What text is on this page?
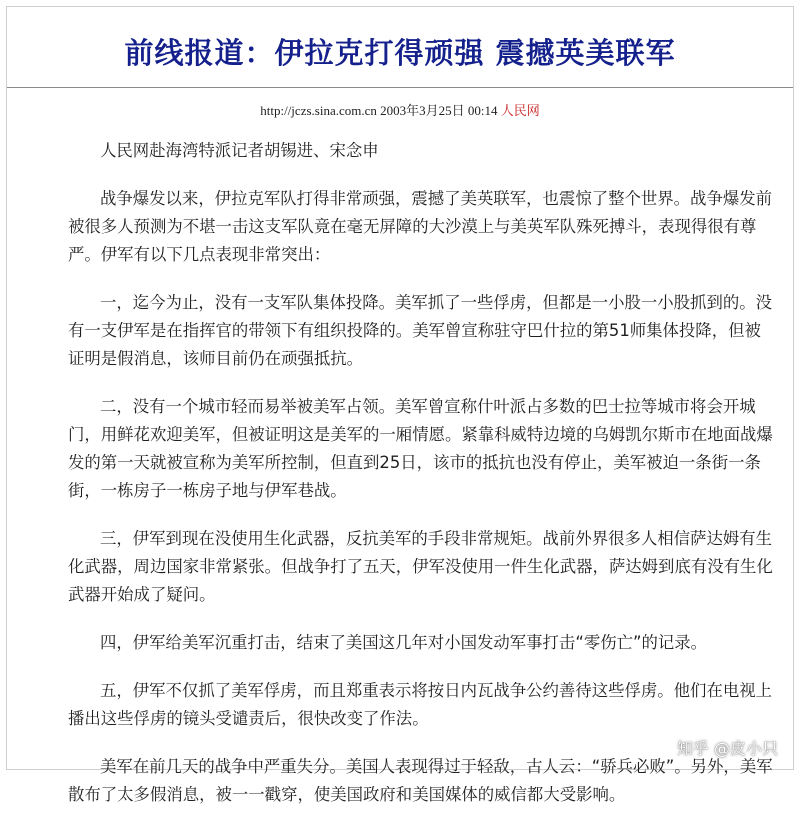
前线报道：伊拉克打得顽强 震撼英美联军
http://jczs.sina.com.cn 2003年3月25日 00:14 人民网

人民网赴海湾特派记者胡锡进、宋念申

战争爆发以来，伊拉克军队打得非常顽强，震撼了美英联军，也震惊了整个世界。战争爆发前被很多人预测为不堪一击这支军队竟在毫无屏障的大沙漠上与美英军队殊死搏斗，表现得很有尊严。伊军有以下几点表现非常突出：

一，迄今为止，没有一支军队集体投降。美军抓了一些俘虏，但都是一小股一小股抓到的。没有一支伊军是在指挥官的带领下有组织投降的。美军曾宣称驻守巴什拉的第51师集体投降，但被证明是假消息，该师目前仍在顽强抵抗。

二，没有一个城市轻而易举被美军占领。美军曾宣称什叶派占多数的巴士拉等城市将会开城门，用鲜花欢迎美军，但被证明这是美军的一厢情愿。紧靠科威特边境的乌姆凯尔斯市在地面战爆发的第一天就被宣称为美军所控制，但直到25日，该市的抵抗也没有停止，美军被迫一条街一条街，一栋房子一栋房子地与伊军巷战。

三，伊军到现在没使用生化武器，反抗美军的手段非常规矩。战前外界很多人相信萨达姆有生化武器，周边国家非常紧张。但战争打了五天，伊军没使用一件生化武器，萨达姆到底有没有生化武器开始成了疑问。

四，伊军给美军沉重打击，结束了美国这几年对小国发动军事打击“零伤亡”的记录。

五，伊军不仅抓了美军俘虏，而且郑重表示将按日内瓦战争公约善待这些俘虏。他们在电视上播出这些俘虏的镜头受谴责后，很快改变了作法。

美军在前几天的战争中严重失分。美国人表现得过于轻敌，古人云：“骄兵必败”。另外，美军散布了太多假消息，被一一戳穿，使美国政府和美国媒体的威信都大受影响。

知乎 @皮小只
